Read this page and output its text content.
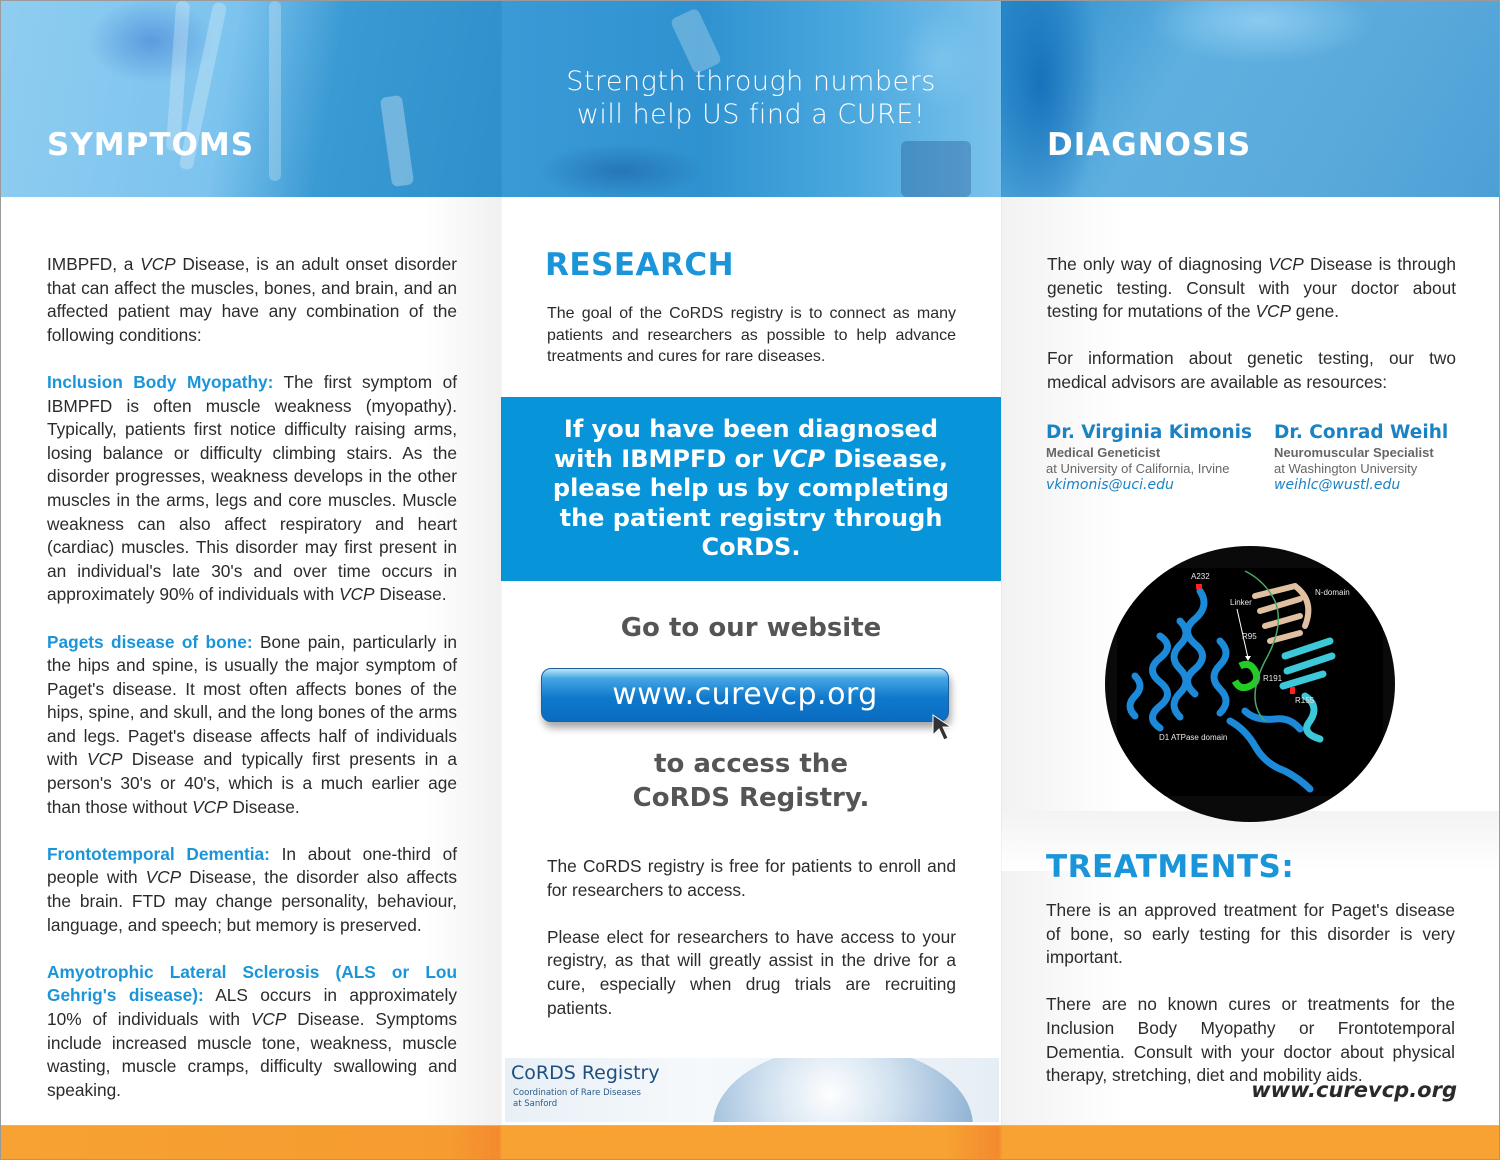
SYMPTOMS

IMBPFD, a VCP Disease, is an adult onset disorder that can affect the muscles, bones, and brain, and an affected patient may have any combination of the following conditions:

Inclusion Body Myopathy: The first symptom of IBMPFD is often muscle weakness (myopathy). Typically, patients first notice difficulty raising arms, losing balance or difficulty climbing stairs. As the disorder progresses, weakness develops in the other muscles in the arms, legs and core muscles. Muscle weakness can also affect respiratory and heart (cardiac) muscles. This disorder may first present in an individual's late 30's and over time occurs in approximately 90% of individuals with VCP Disease.

Pagets disease of bone: Bone pain, particularly in the hips and spine, is usually the major symptom of Paget's disease. It most often affects bones of the hips, spine, and skull, and the long bones of the arms and legs. Paget's disease affects half of individuals with VCP Disease and typically first presents in a person's 30's or 40's, which is a much earlier age than those without VCP Disease.

Frontotemporal Dementia: In about one-third of people with VCP Disease, the disorder also affects the brain. FTD may change personality, behaviour, language, and speech; but memory is preserved.

Amyotrophic Lateral Sclerosis (ALS or Lou Gehrig's disease): ALS occurs in approximately 10% of individuals with VCP Disease. Symptoms include increased muscle tone, weakness, muscle wasting, muscle cramps, difficulty swallowing and speaking.

Strength through numbers
will help US find a CURE!
RESEARCH
The goal of the CoRDS registry is to connect as many patients and researchers as possible to help advance treatments and cures for rare diseases.
If you have been diagnosed
with IBMPFD or VCP Disease,
please help us by completing
the patient registry through
CoRDS.
Go to our website
www.curevcp.org
to access the
CoRDS Registry.

The CoRDS registry is free for patients to enroll and for researchers to access.

Please elect for researchers to have access to your registry, as that will greatly assist in the drive for a cure, especially when drug trials are recruiting patients.

CoRDS Registry
Coordination of Rare Diseases
at Sanford
DIAGNOSIS

The only way of diagnosing VCP Disease is through genetic testing. Consult with your doctor about testing for mutations of the VCP gene.

For information about genetic testing, our two medical advisors are available as resources:

Dr. Virginia Kimonis
Medical Geneticist
at University of California, Irvine
vkimonis@uci.edu
Dr. Conrad Weihl
Neuromuscular Specialist
at Washington University
weihlc@wustl.edu
TREATMENTS:

There is an approved treatment for Paget's disease of bone, so early testing for this disorder is very important.

There are no known cures or treatments for the Inclusion Body Myopathy or Frontotemporal Dementia. Consult with your doctor about physical therapy, stretching, diet and mobility aids.

www.curevcp.org
A232
Linker
N-domain
R95
R191
R155
D1 ATPase domain
